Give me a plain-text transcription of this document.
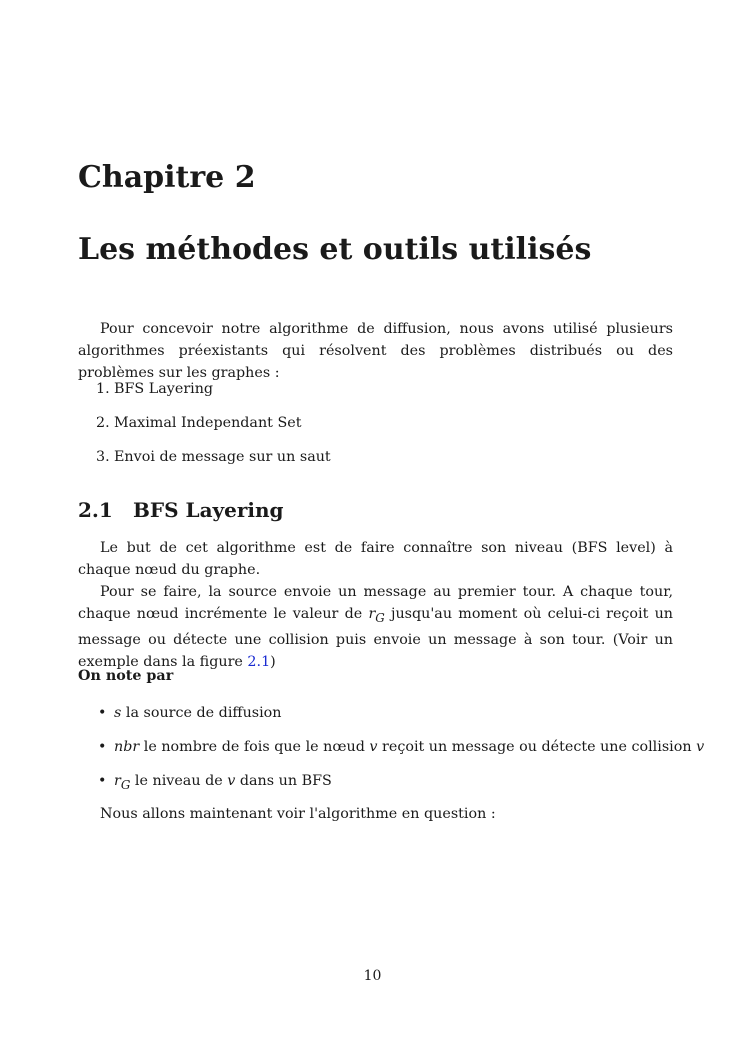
Chapitre 2
Les méthodes et outils utilisés

Pour concevoir notre algorithme de diffusion, nous avons utilisé plusieurs algorithmes préexistants qui résolvent des problèmes distribués ou des problèmes sur les graphes :

1. BFS Layering
2. Maximal Independant Set
3. Envoi de message sur un saut
2.1 BFS Layering

Le but de cet algorithme est de faire connaître son niveau (BFS level) à chaque nœud du graphe.

Pour se faire, la source envoie un message au premier tour. A chaque tour, chaque nœud incrémente le valeur de $r_G$ jusqu'au moment où celui-ci reçoit un message ou détecte une collision puis envoie un message à son tour. (Voir un exemple dans la figure 2.1)

On note par

• s la source de diffusion
• nbr le nombre de fois que le nœud v reçoit un message ou détecte une collision v
• $r_G$ le niveau de v dans un BFS

Nous allons maintenant voir l'algorithme en question :

10
